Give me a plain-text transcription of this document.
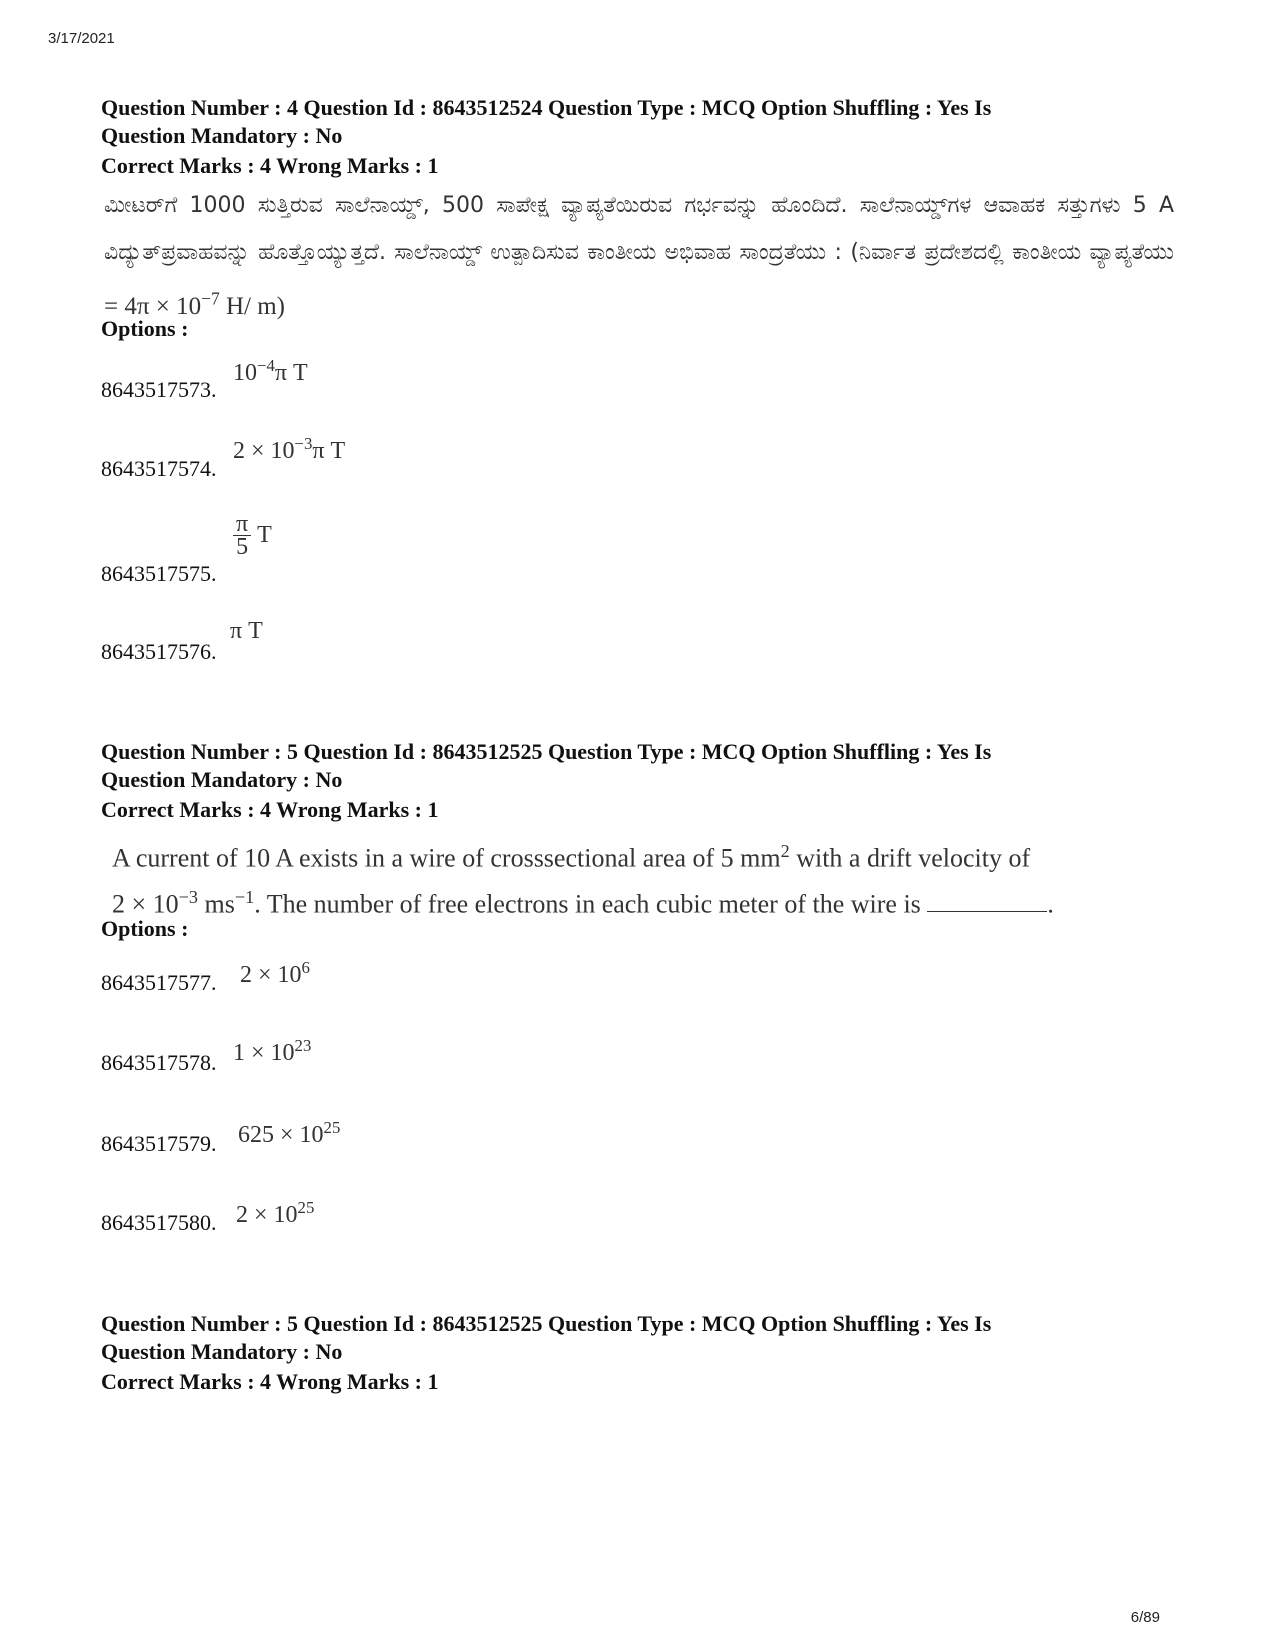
3/17/2021
Question Number : 4 Question Id : 8643512524 Question Type : MCQ Option Shuffling : Yes Is
Question Mandatory : No
Correct Marks : 4 Wrong Marks : 1
ಮೀಟರ್‌ಗೆ 1000 ಸುತ್ತಿರುವ ಸಾಲೆನಾಯ್ಡ್, 500 ಸಾಪೇಕ್ಷ ವ್ಯಾಪ್ಯತೆಯಿರುವ ಗರ್ಭವನ್ನು ಹೊಂದಿದೆ. ಸಾಲೆನಾಯ್ಡ್‌ಗಳ ಆವಾಹಕ ಸತ್ತುಗಳು 5 A ವಿದ್ಯುತ್‌ಪ್ರವಾಹವನ್ನು ಹೊತ್ತೊಯ್ಯುತ್ತದೆ. ಸಾಲೆನಾಯ್ಡ್ ಉತ್ಪಾದಿಸುವ ಕಾಂತೀಯ ಅಭಿವಾಹ ಸಾಂದ್ರತೆಯು : (ನಿರ್ವಾತ ಪ್ರದೇಶದಲ್ಲಿ ಕಾಂತೀಯ ವ್ಯಾಪ್ಯತೆಯು = $4\pi \times 10^{-7}$ H/ m)
Options :
8643517573.
$10^{-4}\pi$ T
8643517574.
$2 \times 10^{-3}\pi$ T
8643517575.
$\frac{\pi}{5}$ T
8643517576.
π T
Question Number : 5 Question Id : 8643512525 Question Type : MCQ Option Shuffling : Yes Is
Question Mandatory : No
Correct Marks : 4 Wrong Marks : 1
A current of 10 A exists in a wire of crosssectional area of 5 $mm^2$ with a drift velocity of
$2 \times 10^{-3}$ $ms^{-1}$. The number of free electrons in each cubic meter of the wire is	.
Options :
8643517577. $2 \times 10^6$
8643517578. $1 \times 10^{23}$
8643517579. $625 \times 10^{25}$
8643517580. $2 \times 10^{25}$
Question Number : 5 Question Id : 8643512525 Question Type : MCQ Option Shuffling : Yes Is
Question Mandatory : No
Correct Marks : 4 Wrong Marks : 1
6/89
